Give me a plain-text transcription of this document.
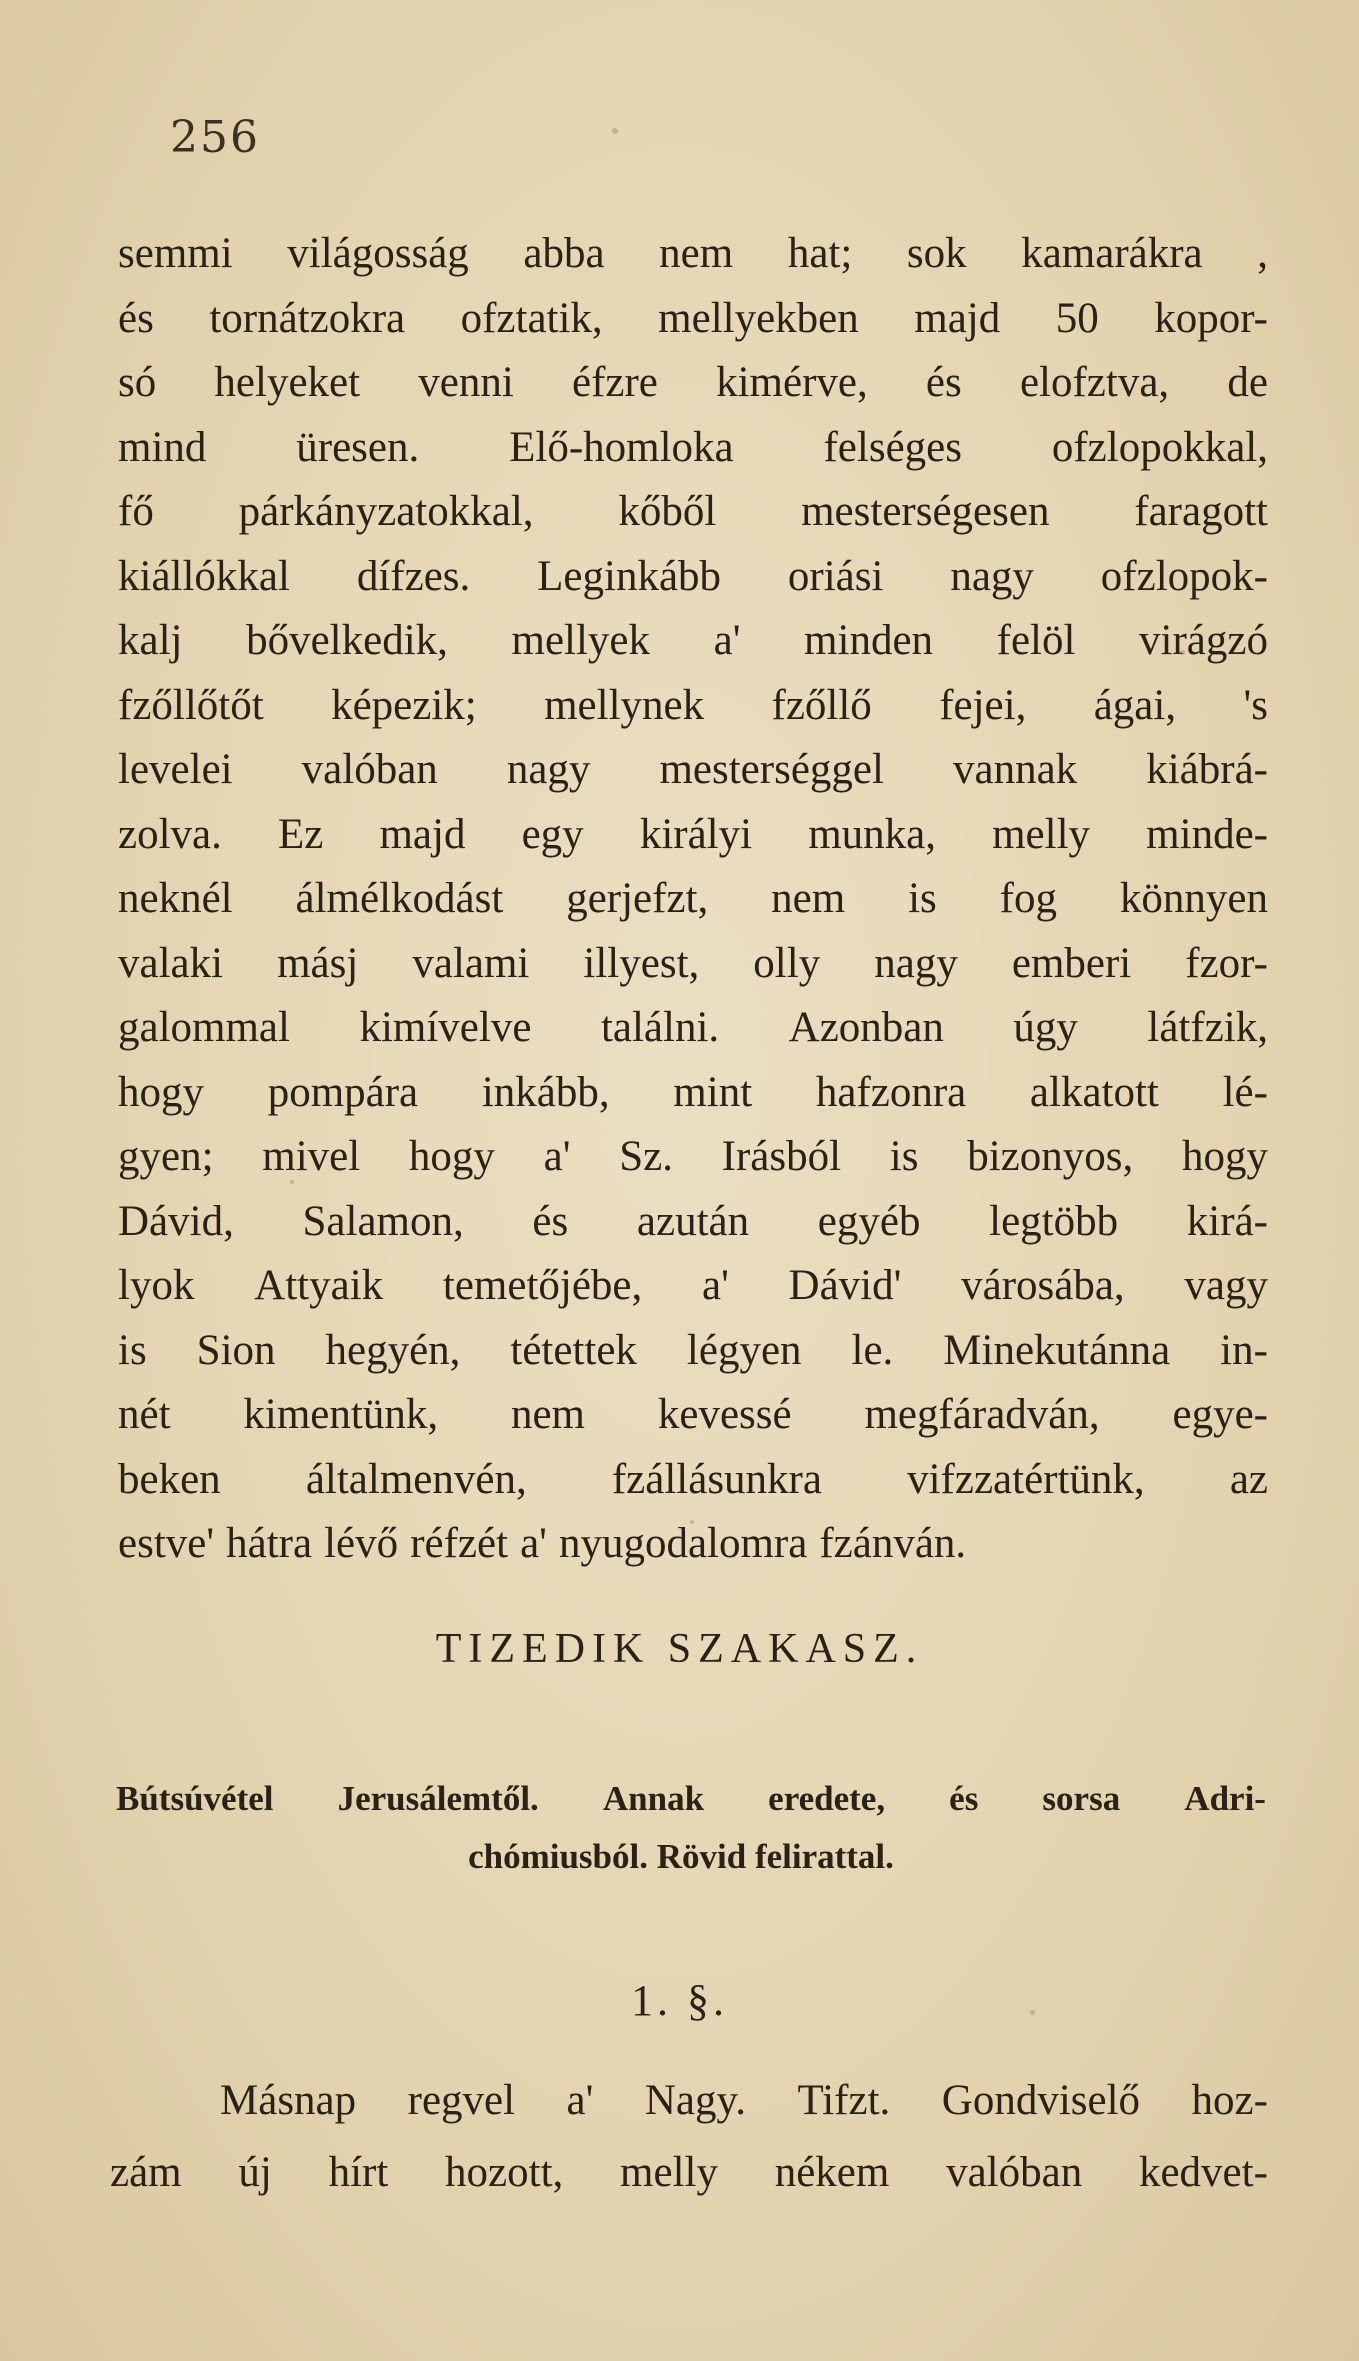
256
semmi világosság abba nem hat; sok kamarákra ,
és tornátzokra ofztatik, mellyekben majd 50 kopor-
só helyeket venni éfzre kimérve, és elofztva, de
mind üresen. Elő-homloka felséges ofzlopokkal,
fő párkányzatokkal, kőből mesterségesen faragott
kiállókkal dífzes. Leginkább oriási nagy ofzlopok-
kalj bővelkedik, mellyek a' minden felöl virágzó
fzőllőtőt képezik; mellynek fzőllő fejei, ágai, 's
levelei valóban nagy mesterséggel vannak kiábrá-
zolva. Ez majd egy királyi munka, melly minde-
neknél álmélkodást gerjefzt, nem is fog könnyen
valaki másj valami illyest, olly nagy emberi fzor-
galommal kimívelve találni. Azonban úgy látfzik,
hogy pompára inkább, mint hafzonra alkatott lé-
gyen; mivel hogy a' Sz. Irásból is bizonyos, hogy
Dávid, Salamon, és azután egyéb legtöbb kirá-
lyok Attyaik temetőjébe, a' Dávid' városába, vagy
is Sion hegyén, tétettek légyen le. Minekutánna in-
nét kimentünk, nem kevessé megfáradván, egye-
beken általmenvén, fzállásunkra vifzzatértünk, az
estve' hátra lévő réfzét a' nyugodalomra fzánván.
TIZEDIK SZAKASZ.
Bútsúvétel Jerusálemtől. Annak eredete, és sorsa Adri-
chómiusból. Rövid felirattal.
1. §.
Másnap regvel a' Nagy. Tifzt. Gondviselő hoz-
zám új hírt hozott, melly nékem valóban kedvet-
